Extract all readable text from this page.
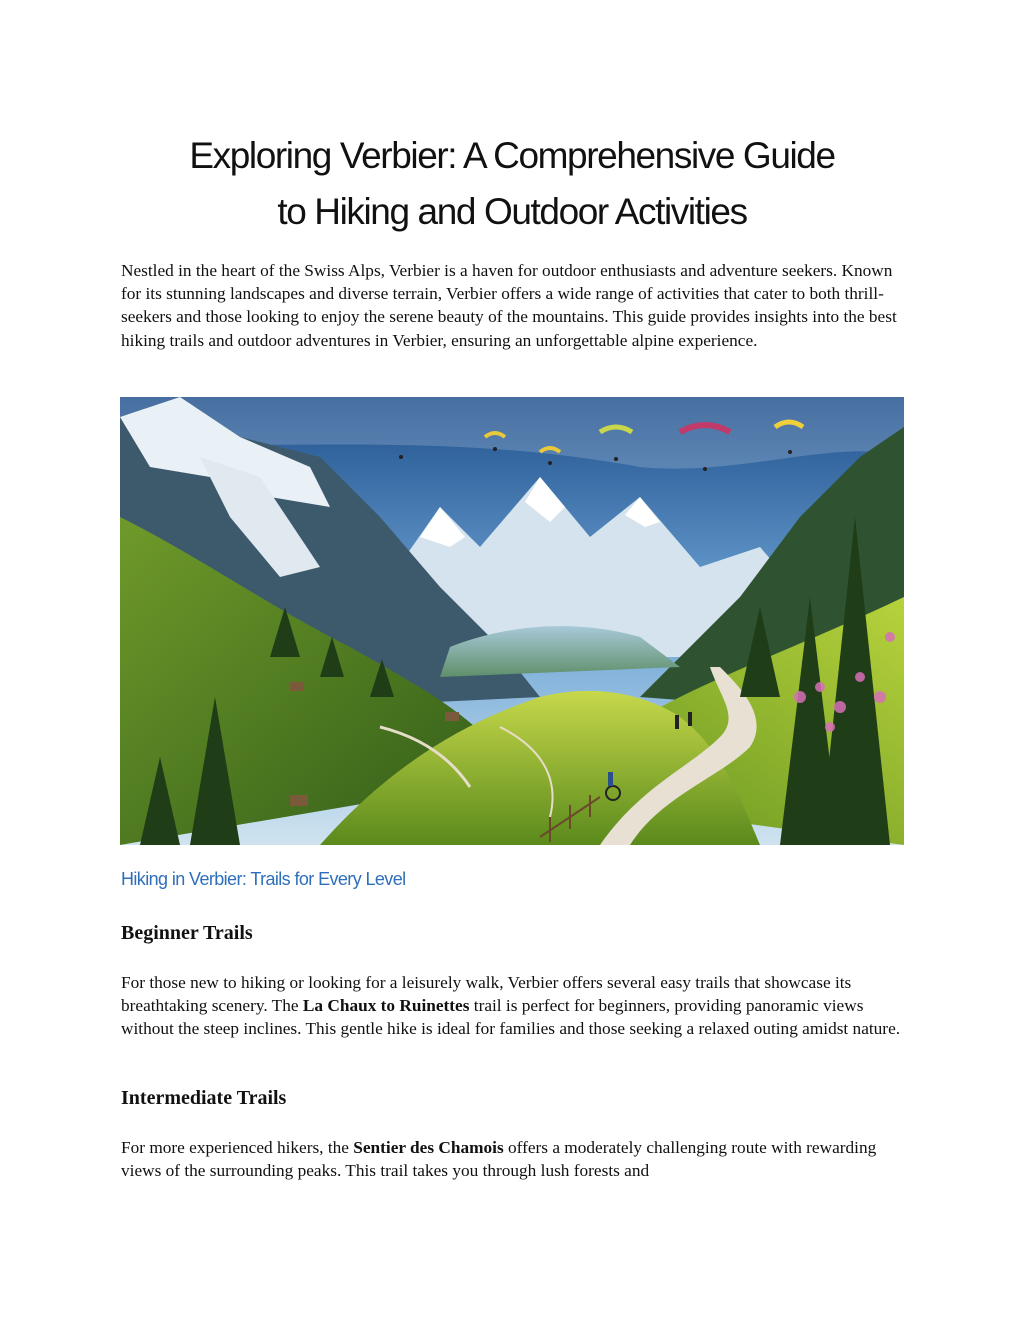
Exploring Verbier: A Comprehensive Guide
to Hiking and Outdoor Activities

Nestled in the heart of the Swiss Alps, Verbier is a haven for outdoor enthusiasts and adventure seekers. Known for its stunning landscapes and diverse terrain, Verbier offers a wide range of activities that cater to both thrill-seekers and those looking to enjoy the serene beauty of the mountains. This guide provides insights into the best hiking trails and outdoor adventures in Verbier, ensuring an unforgettable alpine experience.

Hiking in Verbier: Trails for Every Level
Beginner Trails

For those new to hiking or looking for a leisurely walk, Verbier offers several easy trails that showcase its breathtaking scenery. The La Chaux to Ruinettes trail is perfect for beginners, providing panoramic views without the steep inclines. This gentle hike is ideal for families and those seeking a relaxed outing amidst nature.

Intermediate Trails

For more experienced hikers, the Sentier des Chamois offers a moderately challenging route with rewarding views of the surrounding peaks. This trail takes you through lush forests and
